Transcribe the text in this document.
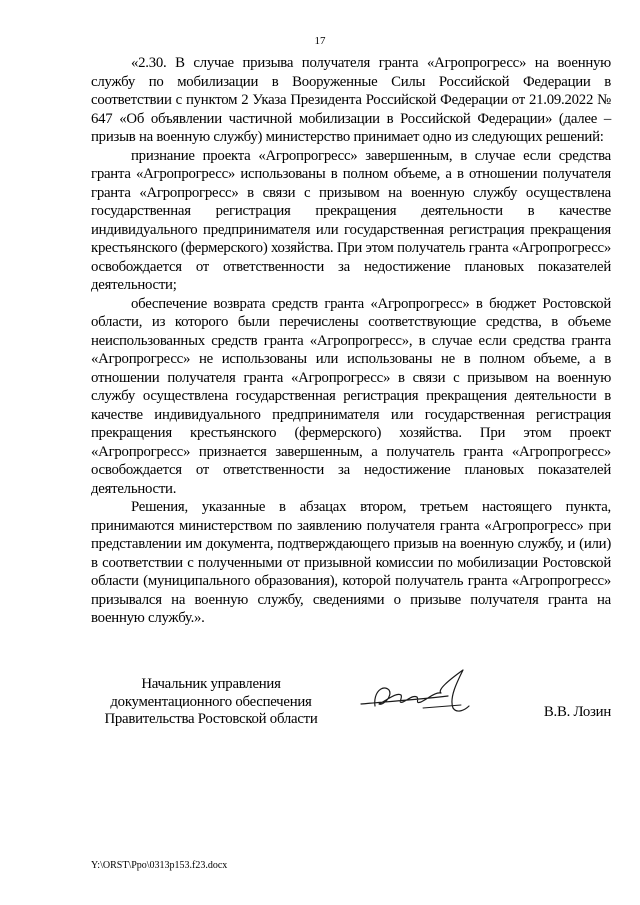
17

«2.30. В случае призыва получателя гранта «Агропрогресс» на военную службу по мобилизации в Вооруженные Силы Российской Федерации в соответствии с пунктом 2 Указа Президента Российской Федерации от 21.09.2022 № 647 «Об объявлении частичной мобилизации в Российской Федерации» (далее – призыв на военную службу) министерство принимает одно из следующих решений:

признание проекта «Агропрогресс» завершенным, в случае если средства гранта «Агропрогресс» использованы в полном объеме, а в отношении получателя гранта «Агропрогресс» в связи с призывом на военную службу осуществлена государственная регистрация прекращения деятельности в качестве индивидуального предпринимателя или государственная регистрация прекращения крестьянского (фермерского) хозяйства. При этом получатель гранта «Агропрогресс» освобождается от ответственности за недостижение плановых показателей деятельности;

обеспечение возврата средств гранта «Агропрогресс» в бюджет Ростовской области, из которого были перечислены соответствующие средства, в объеме неиспользованных средств гранта «Агропрогресс», в случае если средства гранта «Агропрогресс» не использованы или использованы не в полном объеме, а в отношении получателя гранта «Агропрогресс» в связи с призывом на военную службу осуществлена государственная регистрация прекращения деятельности в качестве индивидуального предпринимателя или государственная регистрация прекращения крестьянского (фермерского) хозяйства. При этом проект «Агропрогресс» признается завершенным, а получатель гранта «Агропрогресс» освобождается от ответственности за недостижение плановых показателей деятельности.

Решения, указанные в абзацах втором, третьем настоящего пункта, принимаются министерством по заявлению получателя гранта «Агропрогресс» при представлении им документа, подтверждающего призыв на военную службу, и (или) в соответствии с полученными от призывной комиссии по мобилизации Ростовской области (муниципального образования), которой получатель гранта «Агропрогресс» призывался на военную службу, сведениями о призыве получателя гранта на военную службу.».

Начальник управления
документационного обеспечения
Правительства Ростовской области	В.В. Лозин
Y:\ORST\Ppo\0313p153.f23.docx
